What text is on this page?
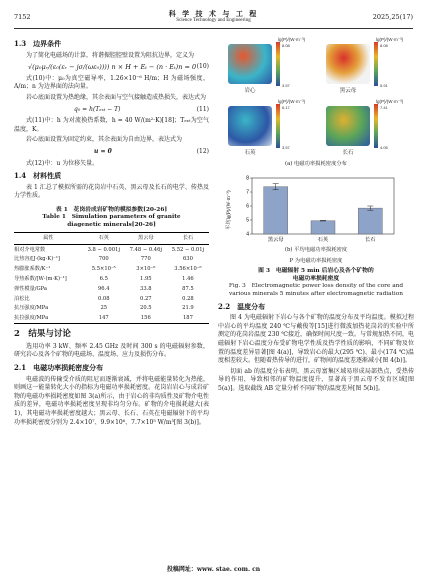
7152	科 学 技 术 与 工 程
Science Technology and Engineering	2025,25(17)
1.3　边界条件

为了简化电磁场的计算，将谐振腔腔壁设置为阻抗边界，定义为

√(μ₀μᵣ/(ε₀(εᵣ − jσ/(ωε₀)))) n × H + Eₜ − (n · Eₜ)n = 0 (10)

式(10)中：μ₀为真空磁导率，1.26×10⁻⁶ H/m；H 为磁场强度，A/m；n 为边界面的法向量。

岩心底面设置为热绝缘，其余表面与空气接触造成热损失，表达式为

q₀ = h(Tₑₓₜ − T)	(11)

式(11)中：h 为对流换热系数，h = 40 W/(m²·K)[18]；Tₑₓₜ为空气温度，K。

岩心底面设置为固定约束，其余表面为自由边界，表达式为

u = 0	(12)

式(12)中：u 为位移矢量。

1.4　材料性质

表 1 汇总了模拟所需的花岗岩中石英、黑云母及长石的电学、传热及力学性质。

表 1　花岗岩成岩矿物的模拟参数[20-26]
Table 1　Simulation parameters of granite
diagenetic minerals[20-26]
属性	石英	黑云母	长石
相对介电常数	3.8 − 0.001j	7.48 − 0.46j	5.52 − 0.01j
比热容/[J·(kg·K)⁻¹]	700	770	630
热膨胀系数/K⁻¹	5.5×10⁻⁵	3×10⁻⁶	3.56×10⁻⁶
导热系数/[W·(m·K)⁻¹]	6.5	1.95	1.46
弹性模量/GPa	96.4	33.8	87.5
泊松比	0.08	0.27	0.28
抗压强度/MPa	25	20.5	21.9
抗拉强度/MPa	147	156	187
2　结果与讨论

选用功率 3 kW、频率 2.45 GHz 及时间 300 s 的电磁辐射参数，研究岩心及各个矿物的电磁场、温度场、应力及损伤分布。

2.1　电磁功率损耗密度分布

电磁波的传输受介质的阻尼而逐渐衰减，并将电磁能量转化为热能，则画这一能量转化大小的指标为电磁功率损耗密度。花岗岩岩心与成岩矿物的电磁功率损耗密度如图 3(a)所示，由于岩心的非均质性及矿物介电性质的差异，电磁功率损耗密度呈现非均匀分布。矿物的介电损耗越大(表 1)，其电磁功率损耗密度越大；黑云母、长石、石英在电磁辐射下的平均功率损耗密度分别为 2.4×10⁷、9.9×10⁶、7.7×10⁵ W/m³[图 3(b)]。

lg(P)/(W·m⁻³)
8.08
3.57
岩心
lg(P)/(W·m⁻³)
8.08
5.91
黑云母
lg(P)/(W·m⁻³)
6.17
3.57
石英
lg(P)/(W·m⁻³)
7.41
4.05
长石
(a) 电磁功率损耗密度分布
平均lg(P)/(W·m⁻³)
4
5
6
7
8
黑云母	石英	长石
(b) 平均电磁功率损耗密度
P 为电磁功率损耗密度
图 3　电磁辐射 5 min 后岩心及各个矿物的
电磁功率损耗密度
Fig. 3　Electromagnetic power loss density of the core and
various minerals 5 minutes after electromagnetic radiation
2.2　温度分布

图 4 为电磁辐射下岩心与各个矿物的温度分布及平均温度。模拟过程中岩心的平均温度 240 ℃与戴俊等[15]进行微波加热花岗岩的实验中所测定的花岗岩温度 230 ℃接近，确保时间尺度一致。与常规加热不同，电磁辐射下岩心温度分布受矿物电学性质及热学性质的影响，不同矿物及位置的温度差异显著[图 4(a)]，导致岩心的最大(295 ℃)、最小(174 ℃)温度相差较大。但随着热传导的进行，矿物间的温度差逐渐减小[图 4(b)]。

切面 ab 的温度分布表明，黑云母富集区域易形成局部热点，受热传导的作用，导致相邻的矿物温度提升，显著高于黑云母不发育区域[图 5(a)]。选取截线 AB 定量分析不同矿物的温度差异[图 5(b)]。

投稿网址：www. stae. com. cn
